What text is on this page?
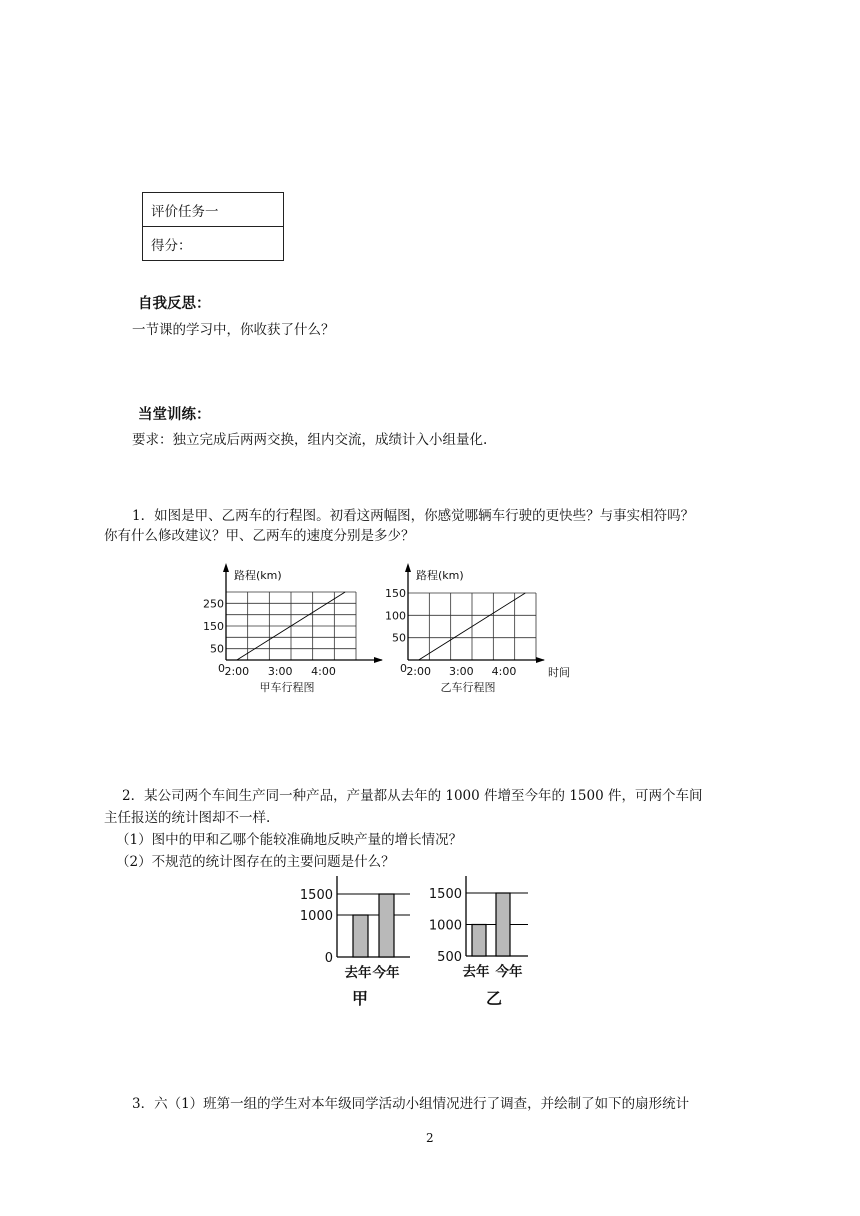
评价任务一
得分：
自我反思：
一节课的学习中，你收获了什么？
当堂训练：
要求：独立完成后两两交换，组内交流，成绩计入小组量化.
1．如图是甲、乙两车的行程图。初看这两幅图，你感觉哪辆车行驶的更快些？与事实相符吗？
你有什么修改建议？甲、乙两车的速度分别是多少？
路程(km)
0 2:00 3:00 4:00
50
150
250
甲车行程图
路程(km)
时间
0 2:00 3:00 4:00
50
100
150
乙车行程图
2．某公司两个车间生产同一种产品，产量都从去年的 1000 件增至今年的 1500 件，可两个车间
主任报送的统计图却不一样.
（1）图中的甲和乙哪个能较准确地反映产量的增长情况？
（2）不规范的统计图存在的主要问题是什么？
0
1000
1500
去年 今年
甲
500
1000
1500
去年 今年
乙
3．六（1）班第一组的学生对本年级同学活动小组情况进行了调查，并绘制了如下的扇形统计
2
